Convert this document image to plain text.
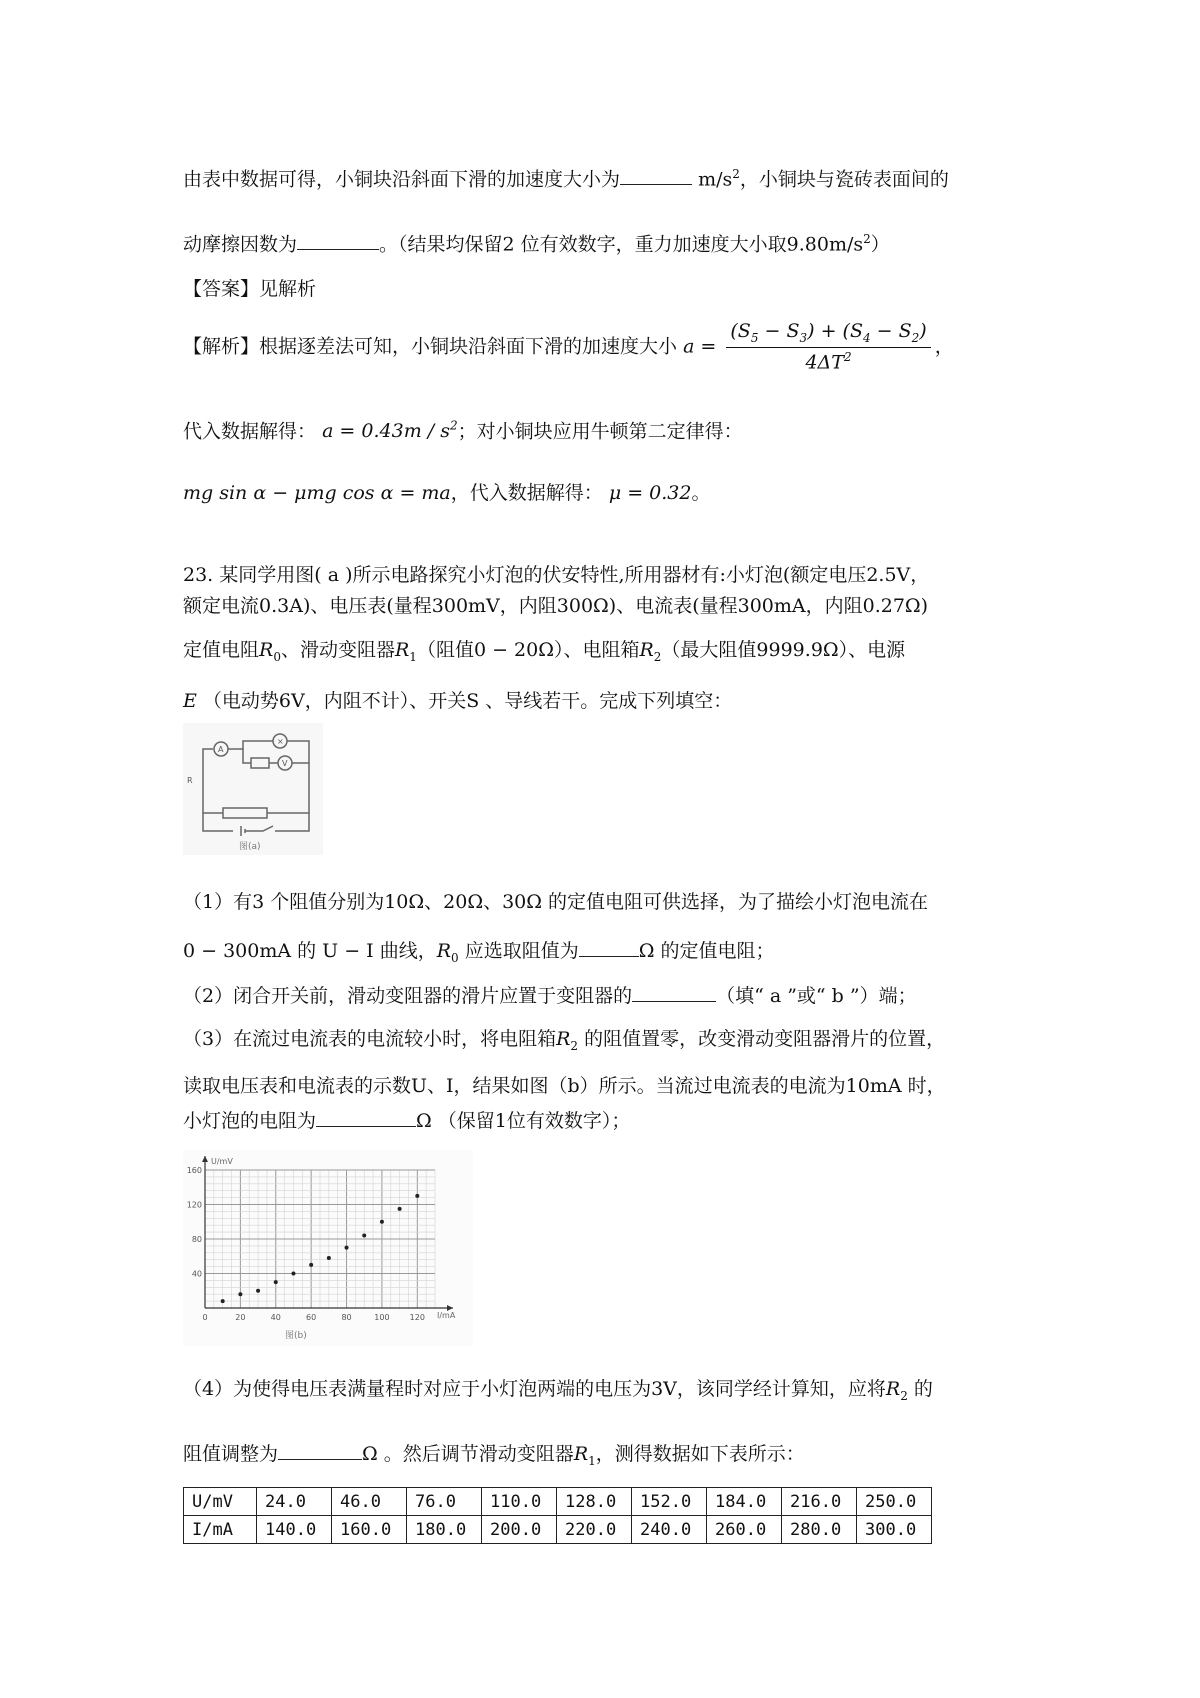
由表中数据可得，小铜块沿斜面下滑的加速度大小为	$m/s^2$，小铜块与瓷砖表面间的
动摩擦因数为	。（结果均保留2 位有效数字，重力加速度大小取$9.80m/s^2$）
【答案】见解析
【解析】根据逐差法可知，小铜块沿斜面下滑的加速度大小 $a = \frac{(S_5 - S_3) + (S_4 - S_2)}{4\Delta T^2}$ ，
代入数据解得： $a = 0.43m / s^2$；对小铜块应用牛顿第二定律得：
mg sin α − μmg cos α = ma，代入数据解得： μ = 0.32。
23. 某同学用图( a )所示电路探究小灯泡的伏安特性,所用器材有:小灯泡(额定电压2.5V，
额定电流0.3A)、电压表(量程300mV，内阻300Ω)、电流表(量程300mA，内阻0.27Ω)
定值电阻$R_0$、滑动变阻器$R_1$（阻值0 − 20Ω）、电阻箱$R_2$（最大阻值9999.9Ω）、电源
E （电动势6V，内阻不计）、开关S 、导线若干。完成下列填空：
A
V
×
R
图(a)
（1）有3 个阻值分别为10Ω、20Ω、30Ω 的定值电阻可供选择，为了描绘小灯泡电流在
0 − 300mA 的 U − I 曲线，$R_0$ 应选取阻值为	Ω 的定值电阻；
（2）闭合开关前，滑动变阻器的滑片应置于变阻器的	（填“ a ”或“ b ”）端；
（3）在流过电流表的电流较小时，将电阻箱$R_2$ 的阻值置零，改变滑动变阻器滑片的位置，
读取电压表和电流表的示数U、I，结果如图（b）所示。当流过电流表的电流为10mA 时，
小灯泡的电阻为	Ω （保留1位有效数字）；
0	20	40	60	80	100	120
40
80
120
160
U/mV
I/mA
图(b)
（4）为使得电压表满量程时对应于小灯泡两端的电压为3V，该同学经计算知，应将$R_2$ 的
阻值调整为	Ω 。然后调节滑动变阻器$R_1$，测得数据如下表所示：
U/mV	24.0	46.0	76.0	110.0	128.0	152.0	184.0	216.0	250.0
I/mA	140.0	160.0	180.0	200.0	220.0	240.0	260.0	280.0	300.0
